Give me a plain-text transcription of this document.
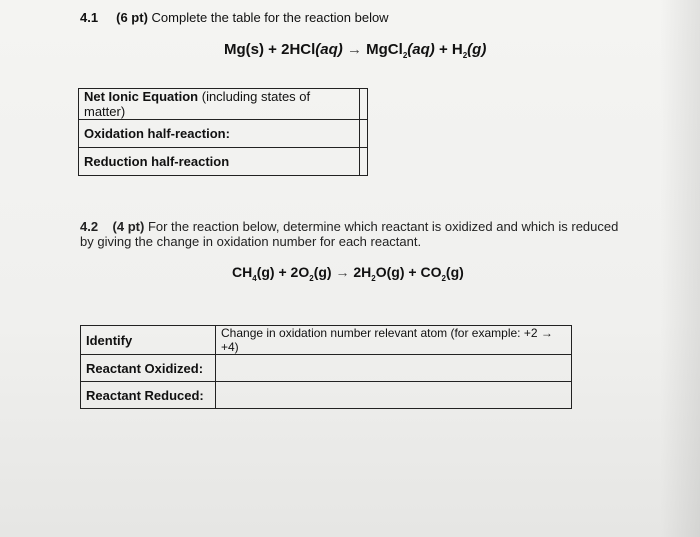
4.1 (6 pt) Complete the table for the reaction below
Mg(s) + 2HCl(aq) → MgCl$_2$(aq) + $H_2(g)$
Net Ionic Equation (including states of matter)	
Oxidation half-reaction:	
Reduction half-reaction	
4.2 (4 pt) For the reaction below, determine which reactant is oxidized and which is reduced
by giving the change in oxidation number for each reactant.
$CH_4(g) + 2O_2(g) \to 2H_2O(g) + CO_2(g)$
Identify	Change in oxidation number relevant atom (for example: +2 → +4)
Reactant Oxidized:	
Reactant Reduced:	
